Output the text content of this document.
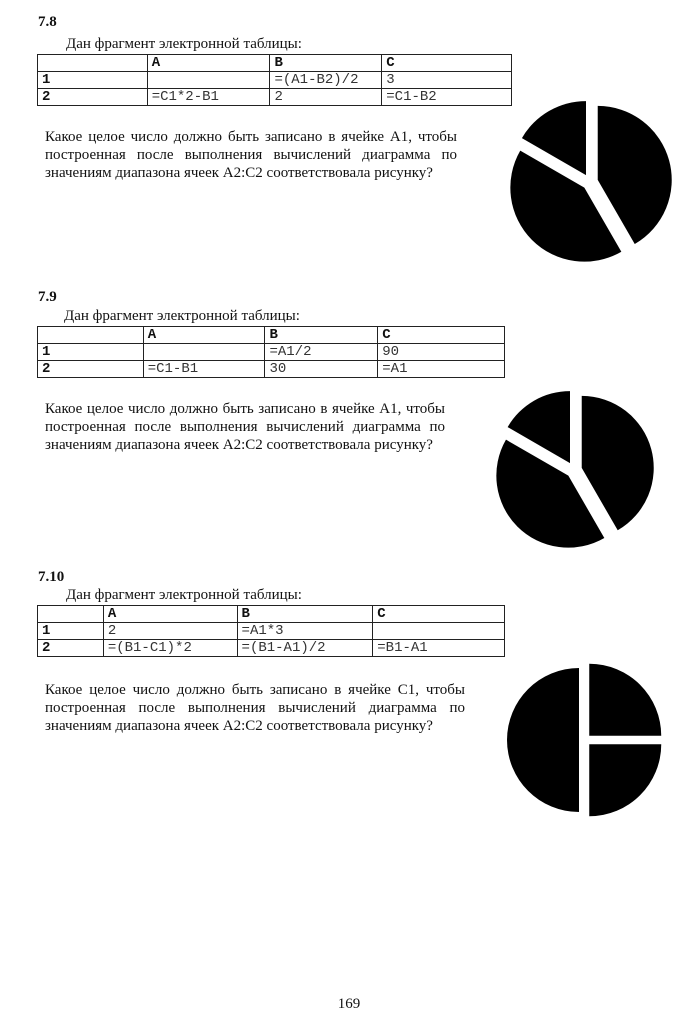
7.8
Дан фрагмент электронной таблицы:
	A	B	C
1		=(A1-B2)/2	3
2	=C1*2-B1	2	=C1-B2
Какое целое число должно быть записано в ячейке A1, чтобы построенная после выполнения вычислений диаграмма по значениям диапазона ячеек A2:C2 соответствовала рисунку?
7.9
Дан фрагмент электронной таблицы:
	A	B	C
1		=A1/2	90
2	=C1-B1	30	=A1
Какое целое число должно быть записано в ячейке A1, чтобы построенная после выполнения вычислений диаграмма по значениям диапазона ячеек A2:C2 соответствовала рисунку?
7.10
Дан фрагмент электронной таблицы:
	A	B	C
1	2	=A1*3	
2	=(B1-C1)*2	=(B1-A1)/2	=B1-A1
Какое целое число должно быть записано в ячейке C1, чтобы построенная после выполнения вычислений диаграмма по значениям диапазона ячеек A2:C2 соответствовала рисунку?
169
